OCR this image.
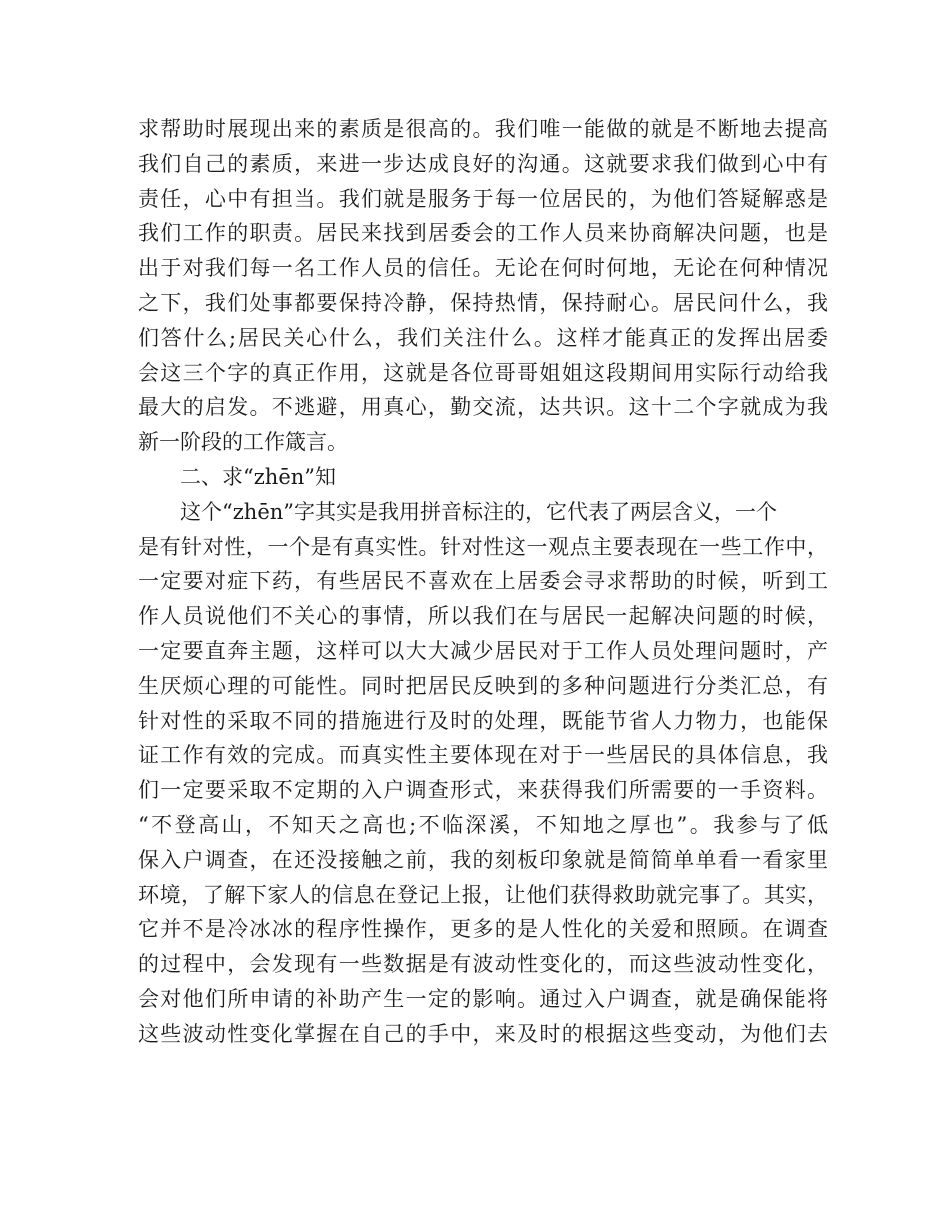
求帮助时展现出来的素质是很高的。我们唯一能做的就是不断地去提高
我们自己的素质，来进一步达成良好的沟通。这就要求我们做到心中有
责任，心中有担当。我们就是服务于每一位居民的，为他们答疑解惑是
我们工作的职责。居民来找到居委会的工作人员来协商解决问题，也是
出于对我们每一名工作人员的信任。无论在何时何地，无论在何种情况
之下，我们处事都要保持冷静，保持热情，保持耐心。居民问什么，我
们答什么;居民关心什么，我们关注什么。这样才能真正的发挥出居委
会这三个字的真正作用，这就是各位哥哥姐姐这段期间用实际行动给我
最大的启发。不逃避，用真心，勤交流，达共识。这十二个字就成为我
新一阶段的工作箴言。
二、求“zhēn”知
这个“zhēn”字其实是我用拼音标注的，它代表了两层含义，一个
是有针对性，一个是有真实性。针对性这一观点主要表现在一些工作中，
一定要对症下药，有些居民不喜欢在上居委会寻求帮助的时候，听到工
作人员说他们不关心的事情，所以我们在与居民一起解决问题的时候，
一定要直奔主题，这样可以大大减少居民对于工作人员处理问题时，产
生厌烦心理的可能性。同时把居民反映到的多种问题进行分类汇总，有
针对性的采取不同的措施进行及时的处理，既能节省人力物力，也能保
证工作有效的完成。而真实性主要体现在对于一些居民的具体信息，我
们一定要采取不定期的入户调查形式，来获得我们所需要的一手资料。
“不登高山，不知天之高也;不临深溪，不知地之厚也”。我参与了低
保入户调查，在还没接触之前，我的刻板印象就是简简单单看一看家里
环境，了解下家人的信息在登记上报，让他们获得救助就完事了。其实，
它并不是冷冰冰的程序性操作，更多的是人性化的关爱和照顾。在调查
的过程中，会发现有一些数据是有波动性变化的，而这些波动性变化，
会对他们所申请的补助产生一定的影响。通过入户调查，就是确保能将
这些波动性变化掌握在自己的手中，来及时的根据这些变动，为他们去
